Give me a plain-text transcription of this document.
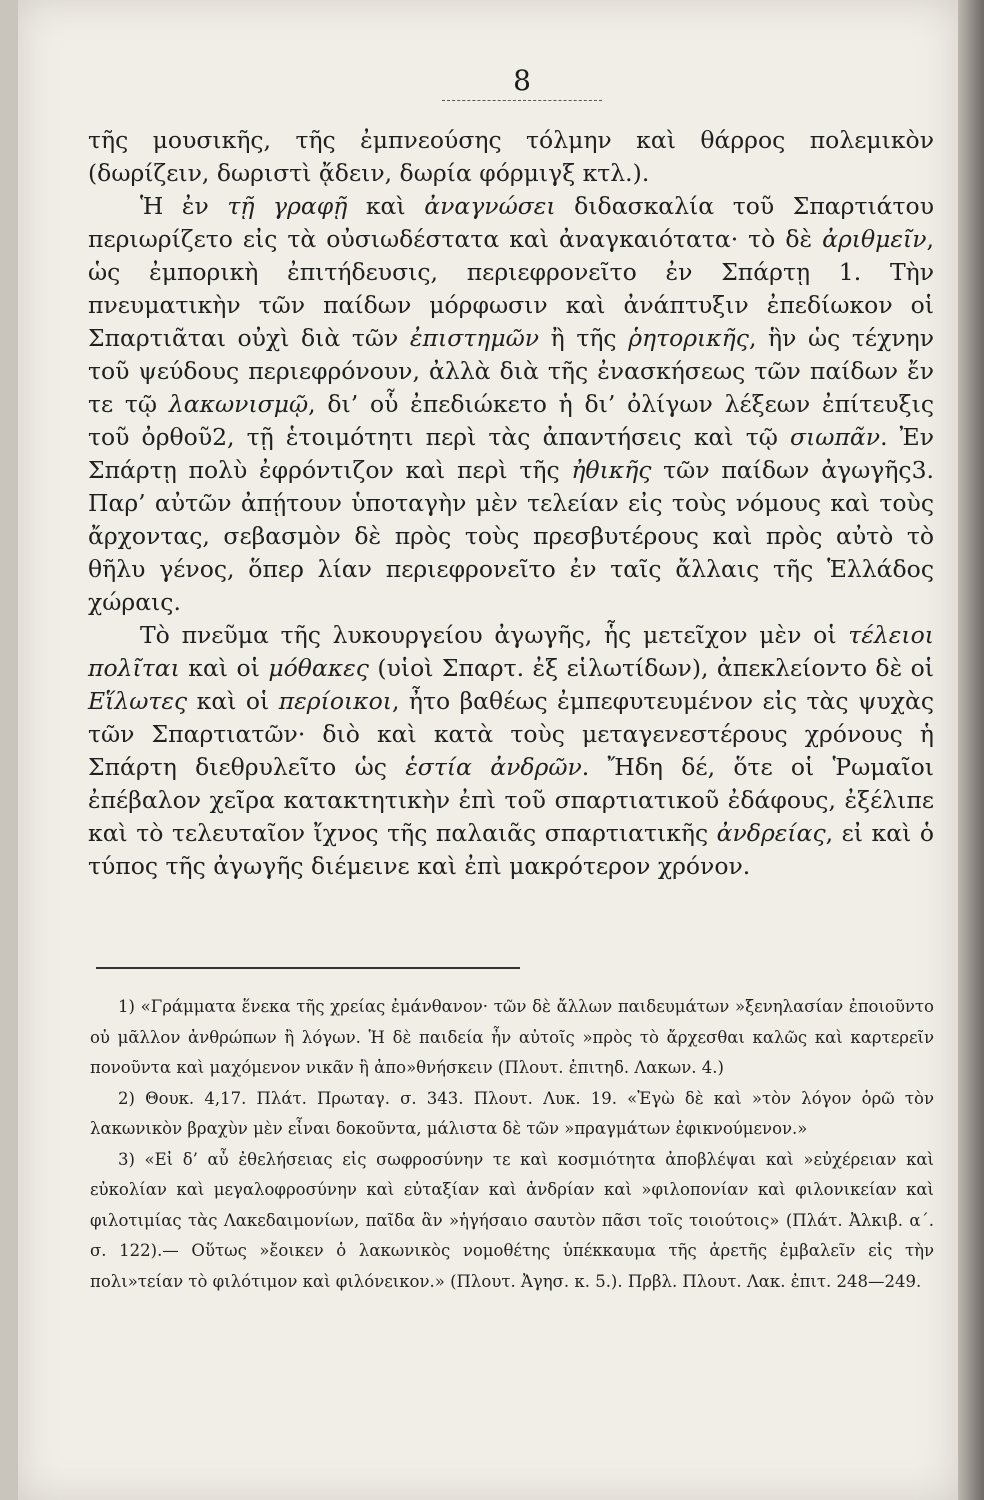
8

τῆς μουσικῆς, τῆς ἐμπνεούσης τόλμην καὶ θάρρος πολεμικὸν (δωρίζειν, δωριστὶ ᾄδειν, δωρία φόρμιγξ κτλ.).

Ἡ ἐν τῇ γραφῇ καὶ ἀναγνώσει διδασκαλία τοῦ Σπαρτιάτου περιωρίζετο εἰς τὰ οὐσιωδέστατα καὶ ἀναγκαιότατα· τὸ δὲ ἀριθμεῖν, ὡς ἐμπορικὴ ἐπιτήδευσις, περιεφρονεῖτο ἐν Σπάρτῃ 1. Τὴν πνευματικὴν τῶν παίδων μόρφωσιν καὶ ἀνάπτυξιν ἐπεδίωκον οἱ Σπαρτιᾶται οὐχὶ διὰ τῶν ἐπιστημῶν ἢ τῆς ῥητορικῆς, ἣν ὡς τέχνην τοῦ ψεύδους περιεφρόνουν, ἀλλὰ διὰ τῆς ἐνασκήσεως τῶν παίδων ἔν τε τῷ λακωνισμῷ, δι’ οὗ ἐπεδιώκετο ἡ δι’ ὀλίγων λέξεων ἐπίτευξις τοῦ ὀρθοῦ2, τῇ ἑτοιμότητι περὶ τὰς ἀπαντήσεις καὶ τῷ σιωπᾶν. Ἐν Σπάρτῃ πολὺ ἐφρόντιζον καὶ περὶ τῆς ἠθικῆς τῶν παίδων ἀγωγῆς3. Παρ’ αὐτῶν ἀπῄτουν ὑποταγὴν μὲν τελείαν εἰς τοὺς νόμους καὶ τοὺς ἄρχοντας, σεβασμὸν δὲ πρὸς τοὺς πρεσβυτέρους καὶ πρὸς αὐτὸ τὸ θῆλυ γένος, ὅπερ λίαν περιεφρονεῖτο ἐν ταῖς ἄλλαις τῆς Ἑλλάδος χώραις.

Τὸ πνεῦμα τῆς λυκουργείου ἀγωγῆς, ἧς μετεῖχον μὲν οἱ τέλειοι πολῖται καὶ οἱ μόθακες (υἱοὶ Σπαρτ. ἐξ εἱλωτίδων), ἀπεκλείοντο δὲ οἱ Εἵλωτες καὶ οἱ περίοικοι, ἦτο βαθέως ἐμπεφυτευμένον εἰς τὰς ψυχὰς τῶν Σπαρτιατῶν· διὸ καὶ κατὰ τοὺς μεταγενεστέρους χρόνους ἡ Σπάρτη διεθρυλεῖτο ὡς ἑστία ἀνδρῶν. Ἤδη δέ, ὅτε οἱ Ῥωμαῖοι ἐπέβαλον χεῖρα κατακτητικὴν ἐπὶ τοῦ σπαρτιατικοῦ ἐδάφους, ἐξέλιπε καὶ τὸ τελευταῖον ἴχνος τῆς παλαιᾶς σπαρτιατικῆς ἀνδρείας, εἰ καὶ ὁ τύπος τῆς ἀγωγῆς διέμεινε καὶ ἐπὶ μακρότερον χρόνον.

1) «Γράμματα ἕνεκα τῆς χρείας ἐμάνθανον· τῶν δὲ ἄλλων παιδευμάτων »ξενηλασίαν ἐποιοῦντο οὐ μᾶλλον ἀνθρώπων ἢ λόγων. Ἡ δὲ παιδεία ἦν αὐτοῖς »πρὸς τὸ ἄρχεσθαι καλῶς καὶ καρτερεῖν πονοῦντα καὶ μαχόμενον νικᾶν ἢ ἀπο»θνήσκειν (Πλουτ. ἐπιτηδ. Λακων. 4.)

2) Θουκ. 4,17. Πλάτ. Πρωταγ. σ. 343. Πλουτ. Λυκ. 19. «Ἐγὼ δὲ καὶ »τὸν λόγον ὁρῶ τὸν λακωνικὸν βραχὺν μὲν εἶναι δοκοῦντα, μάλιστα δὲ τῶν »πραγμάτων ἐφικνούμενον.»

3) «Εἰ δ’ αὖ ἐθελήσειας εἰς σωφροσύνην τε καὶ κοσμιότητα ἀποβλέψαι καὶ »εὐχέρειαν καὶ εὐκολίαν καὶ μεγαλοφροσύνην καὶ εὐταξίαν καὶ ἀνδρίαν καὶ »φιλοπονίαν καὶ φιλονικείαν καὶ φιλοτιμίας τὰς Λακεδαιμονίων, παῖδα ἂν »ἡγήσαιο σαυτὸν πᾶσι τοῖς τοιούτοις» (Πλάτ. Ἀλκιβ. α΄. σ. 122).— Οὕτως »ἔοικεν ὁ λακωνικὸς νομοθέτης ὑπέκκαυμα τῆς ἀρετῆς ἐμβαλεῖν εἰς τὴν πολι»τείαν τὸ φιλότιμον καὶ φιλόνεικον.» (Πλουτ. Ἀγησ. κ. 5.). Πρβλ. Πλουτ. Λακ. ἐπιτ. 248—249.
